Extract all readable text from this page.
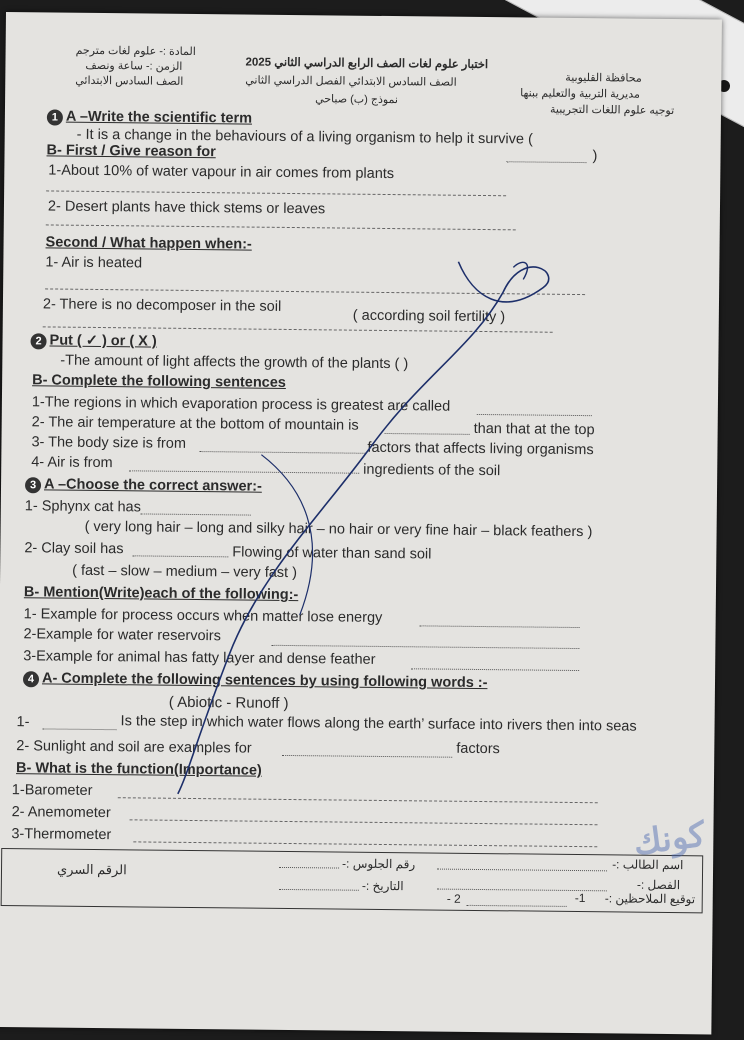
المادة :- علوم لغات مترجم
الزمن :- ساعة ونصف
الصف السادس الابتدائي
اختبار علوم لغات الصف الرابع الدراسي الثاني 2025
الصف السادس الابتدائي الفصل الدراسي الثاني
نموذج (ب) صباحي
محافظة القليوبية
مديرية التربية والتعليم ببنها
توجيه علوم اللغات التجريبية
1 A –Write the scientific term
- It is a change in the behaviours of a living organism to help it survive (
)
B- First / Give reason for
1-About 10% of water vapour in air comes from plants
2- Desert plants have thick stems or leaves
Second / What happen when:-
1- Air is heated
2- There is no decomposer in the soil
( according soil fertility )
2 Put ( ✓ ) or ( X )
-The amount of light affects the growth of the plants ( )
B- Complete the following sentences
1-The regions in which evaporation process is greatest are called
2- The air temperature at the bottom of mountain is	than that at the top
3- The body size is from	factors that affects living organisms
4- Air is from	ingredients of the soil
3 A –Choose the correct answer:-
1- Sphynx cat has
( very long hair – long and silky hair – no hair or very fine hair – black feathers )
2- Clay soil has	Flowing of water than sand soil
( fast – slow – medium – very fast )
B- Mention(Write)each of the following:-
1- Example for process occurs when matter lose energy
2-Example for water reservoirs
3-Example for animal has fatty layer and dense feather
4 A- Complete the following sentences by using following words :-
( Abiotic - Runoff )
1-	Is the step in which water flows along the earth’ surface into rivers then into seas
2- Sunlight and soil are examples for	factors
B- What is the function(Importance)
1-Barometer
2- Anemometer
3-Thermometer
الرقم السري	رقم الجلوس :-
التاريخ :-
اسم الطالب :-
الفصل :-
- 2	-1 توقيع الملاحظين :-
كونك
